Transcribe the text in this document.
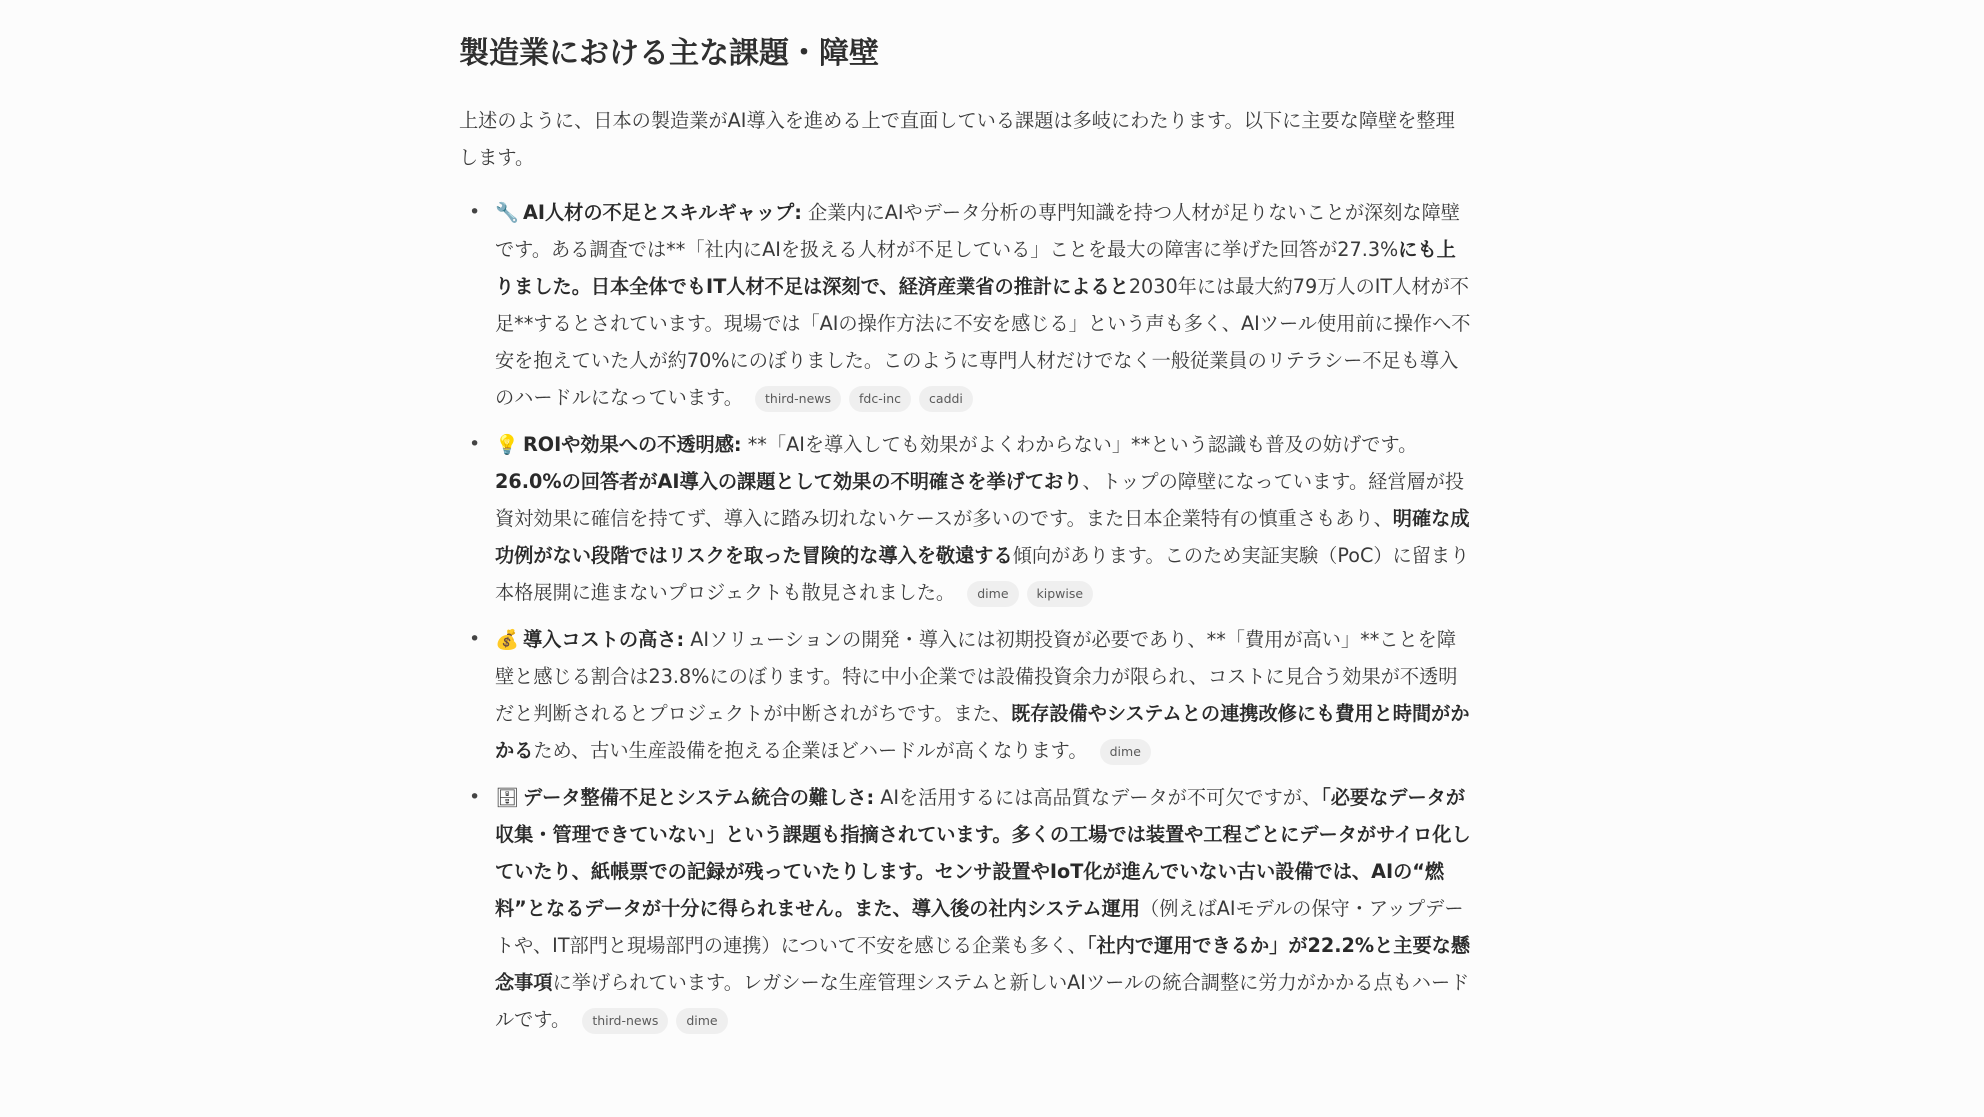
製造業における主な課題・障壁

上述のように、日本の製造業がAI導入を進める上で直面している課題は多岐にわたります。以下に主要な障壁を整理します。

• 🔧 AI人材の不足とスキルギャップ: 企業内にAIやデータ分析の専門知識を持つ人材が足りないことが深刻な障壁です。ある調査では**「社内にAIを扱える人材が不足している」ことを最大の障害に挙げた回答が27.3%にも上りました。日本全体でもIT人材不足は深刻で、経済産業省の推計によると2030年には最大約79万人のIT人材が不足**するとされています。現場では「AIの操作方法に不安を感じる」という声も多く、AIツール使用前に操作へ不安を抱えていた人が約70%にのぼりました。このように専門人材だけでなく一般従業員のリテラシー不足も導入のハードルになっています。 third-news fdc-inc caddi
• 💡 ROIや効果への不透明感: **「AIを導入しても効果がよくわからない」**という認識も普及の妨げです。26.0%の回答者がAI導入の課題として効果の不明確さを挙げており、トップの障壁になっています。経営層が投資対効果に確信を持てず、導入に踏み切れないケースが多いのです。また日本企業特有の慎重さもあり、明確な成功例がない段階ではリスクを取った冒険的な導入を敬遠する傾向があります。このため実証実験（PoC）に留まり本格展開に進まないプロジェクトも散見されました。 dime kipwise
• 💰 導入コストの高さ: AIソリューションの開発・導入には初期投資が必要であり、**「費用が高い」**ことを障壁と感じる割合は23.8%にのぼります。特に中小企業では設備投資余力が限られ、コストに見合う効果が不透明だと判断されるとプロジェクトが中断されがちです。また、既存設備やシステムとの連携改修にも費用と時間がかかるため、古い生産設備を抱える企業ほどハードルが高くなります。 dime
• 🗄 データ整備不足とシステム統合の難しさ: AIを活用するには高品質なデータが不可欠ですが、「必要なデータが収集・管理できていない」という課題も指摘されています。多くの工場では装置や工程ごとにデータがサイロ化していたり、紙帳票での記録が残っていたりします。センサ設置やIoT化が進んでいない古い設備では、AIの“燃料”となるデータが十分に得られません。また、導入後の社内システム運用（例えばAIモデルの保守・アップデートや、IT部門と現場部門の連携）について不安を感じる企業も多く、「社内で運用できるか」が22.2%と主要な懸念事項に挙げられています。レガシーな生産管理システムと新しいAIツールの統合調整に労力がかかる点もハードルです。 third-news dime
